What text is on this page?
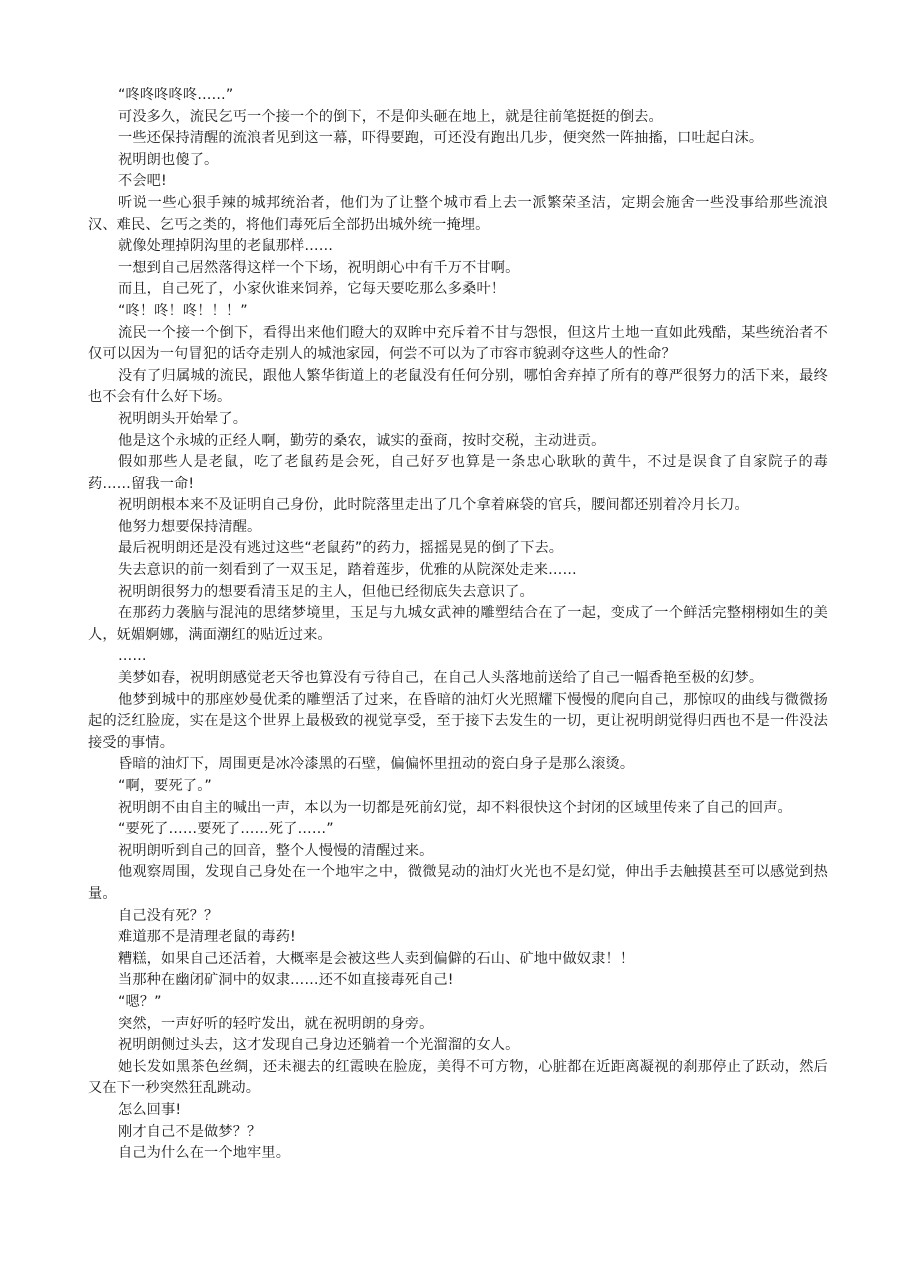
“咚咚咚咚咚……”

可没多久，流民乞丐一个接一个的倒下，不是仰头砸在地上，就是往前笔挺挺的倒去。

一些还保持清醒的流浪者见到这一幕，吓得要跑，可还没有跑出几步，便突然一阵抽搐，口吐起白沫。

祝明朗也傻了。

不会吧!

听说一些心狠手辣的城邦统治者，他们为了让整个城市看上去一派繁荣圣洁，定期会施舍一些没事给那些流浪汉、难民、乞丐之类的，将他们毒死后全部扔出城外统一掩埋。

就像处理掉阴沟里的老鼠那样……

一想到自己居然落得这样一个下场，祝明朗心中有千万不甘啊。

而且，自己死了，小家伙谁来饲养，它每天要吃那么多桑叶！

“咚！咚！咚！！！”

流民一个接一个倒下，看得出来他们瞪大的双眸中充斥着不甘与怨恨，但这片土地一直如此残酷，某些统治者不仅可以因为一句冒犯的话夺走别人的城池家园，何尝不可以为了市容市貌剥夺这些人的性命？

没有了归属城的流民，跟他人繁华街道上的老鼠没有任何分别，哪怕舍弃掉了所有的尊严很努力的活下来，最终也不会有什么好下场。

祝明朗头开始晕了。

他是这个永城的正经人啊，勤劳的桑农，诚实的蚕商，按时交税，主动进贡。

假如那些人是老鼠，吃了老鼠药是会死，自己好歹也算是一条忠心耿耿的黄牛，不过是误食了自家院子的毒药……留我一命!

祝明朗根本来不及证明自己身份，此时院落里走出了几个拿着麻袋的官兵，腰间都还别着冷月长刀。

他努力想要保持清醒。

最后祝明朗还是没有逃过这些“老鼠药”的药力，摇摇晃晃的倒了下去。

失去意识的前一刻看到了一双玉足，踏着莲步，优雅的从院深处走来……

祝明朗很努力的想要看清玉足的主人，但他已经彻底失去意识了。

在那药力袭脑与混沌的思绪梦境里，玉足与九城女武神的雕塑结合在了一起，变成了一个鲜活完整栩栩如生的美人，妩媚婀娜，满面潮红的贴近过来。

……

美梦如春，祝明朗感觉老天爷也算没有亏待自己，在自己人头落地前送给了自己一幅香艳至极的幻梦。

他梦到城中的那座妙曼优柔的雕塑活了过来，在昏暗的油灯火光照耀下慢慢的爬向自己，那惊叹的曲线与微微扬起的泛红脸庞，实在是这个世界上最极致的视觉享受，至于接下去发生的一切，更让祝明朗觉得归西也不是一件没法接受的事情。

昏暗的油灯下，周围更是冰冷漆黑的石壁，偏偏怀里扭动的瓷白身子是那么滚烫。

“啊，要死了。”

祝明朗不由自主的喊出一声，本以为一切都是死前幻觉，却不料很快这个封闭的区域里传来了自己的回声。

“要死了……要死了……死了……”

祝明朗听到自己的回音，整个人慢慢的清醒过来。

他观察周围，发现自己身处在一个地牢之中，微微晃动的油灯火光也不是幻觉，伸出手去触摸甚至可以感觉到热量。

自己没有死？？

难道那不是清理老鼠的毒药!

糟糕，如果自己还活着，大概率是会被这些人卖到偏僻的石山、矿地中做奴隶！！

当那种在幽闭矿洞中的奴隶……还不如直接毒死自己!

“嗯？”

突然，一声好听的轻咛发出，就在祝明朗的身旁。

祝明朗侧过头去，这才发现自己身边还躺着一个光溜溜的女人。

她长发如黑茶色丝绸，还未褪去的红霞映在脸庞，美得不可方物，心脏都在近距离凝视的刹那停止了跃动，然后又在下一秒突然狂乱跳动。

怎么回事!

刚才自己不是做梦？？

自己为什么在一个地牢里。
